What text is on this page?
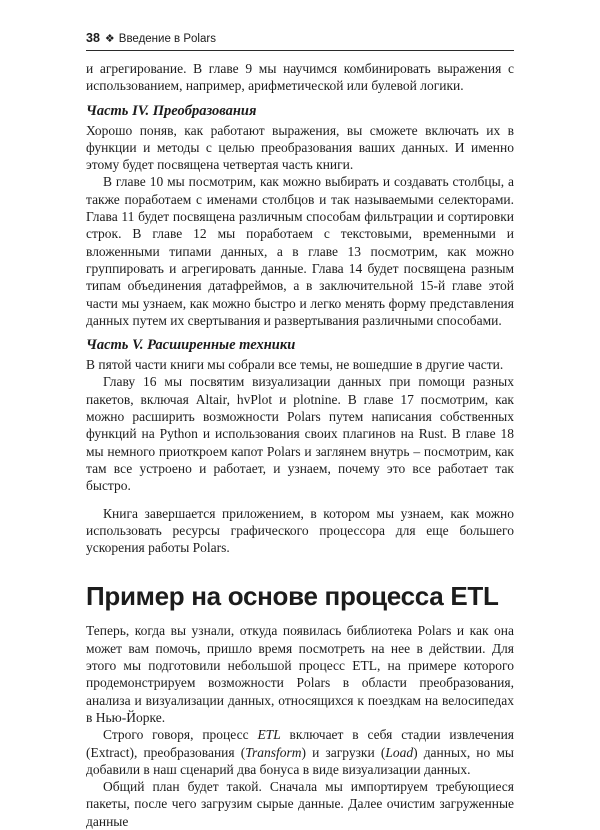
38 ❖ Введение в Polars

и агрегирование. В главе 9 мы научимся комбинировать выражения с использованием, например, арифметической или булевой логики.

Часть IV. Преобразования

Хорошо поняв, как работают выражения, вы сможете включать их в функции и методы с целью преобразования ваших данных. И именно этому будет посвящена четвертая часть книги.

В главе 10 мы посмотрим, как можно выбирать и создавать столбцы, а также поработаем с именами столбцов и так называемыми селекторами. Глава 11 будет посвящена различным способам фильтрации и сортировки строк. В главе 12 мы поработаем с текстовыми, временными и вложенными типами данных, а в главе 13 посмотрим, как можно группировать и агрегировать данные. Глава 14 будет посвящена разным типам объединения датафреймов, а в заключительной 15-й главе этой части мы узнаем, как можно быстро и легко менять форму представления данных путем их свертывания и развертывания различными способами.

Часть V. Расширенные техники

В пятой части книги мы собрали все темы, не вошедшие в другие части.

Главу 16 мы посвятим визуализации данных при помощи разных пакетов, включая Altair, hvPlot и plotnine. В главе 17 посмотрим, как можно расширить возможности Polars путем написания собственных функций на Python и использования своих плагинов на Rust. В главе 18 мы немного приоткроем капот Polars и заглянем внутрь – посмотрим, как там все устроено и работает, и узнаем, почему это все работает так быстро.

Книга завершается приложением, в котором мы узнаем, как можно использовать ресурсы графического процессора для еще большего ускорения работы Polars.

Пример на основе процесса ETL

Теперь, когда вы узнали, откуда появилась библиотека Polars и как она может вам помочь, пришло время посмотреть на нее в действии. Для этого мы подготовили небольшой процесс ETL, на примере которого продемонстрируем возможности Polars в области преобразования, анализа и визуализации данных, относящихся к поездкам на велосипедах в Нью-Йорке.

Строго говоря, процесс ETL включает в себя стадии извлечения (Extract), преобразования (Transform) и загрузки (Load) данных, но мы добавили в наш сценарий два бонуса в виде визуализации данных.

Общий план будет такой. Сначала мы импортируем требующиеся пакеты, после чего загрузим сырые данные. Далее очистим загруженные данные
